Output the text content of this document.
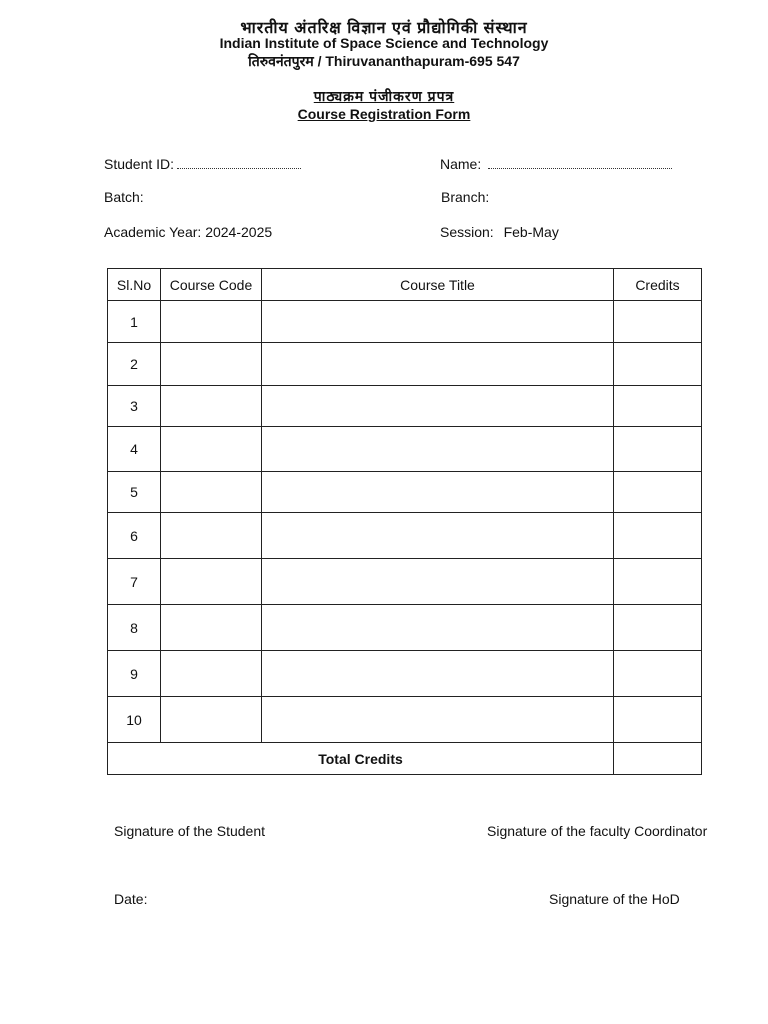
भारतीय अंतरिक्ष विज्ञान एवं प्रौद्योगिकी संस्थान
Indian Institute of Space Science and Technology
तिरुवनंतपुरम / Thiruvananthapuram-695 547
पाठ्यक्रम पंजीकरण प्रपत्र
Course Registration Form
Student ID:	Name:
Batch:	Branch:
Academic Year: 2024-2025	Session: Feb-May
Sl.No	Course Code	Course Title	Credits
1			
2			
3			
4			
5			
6			
7			
8			
9			
10			
Total Credits			
Signature of the Student	Signature of the faculty Coordinator
Date:	Signature of the HoD
